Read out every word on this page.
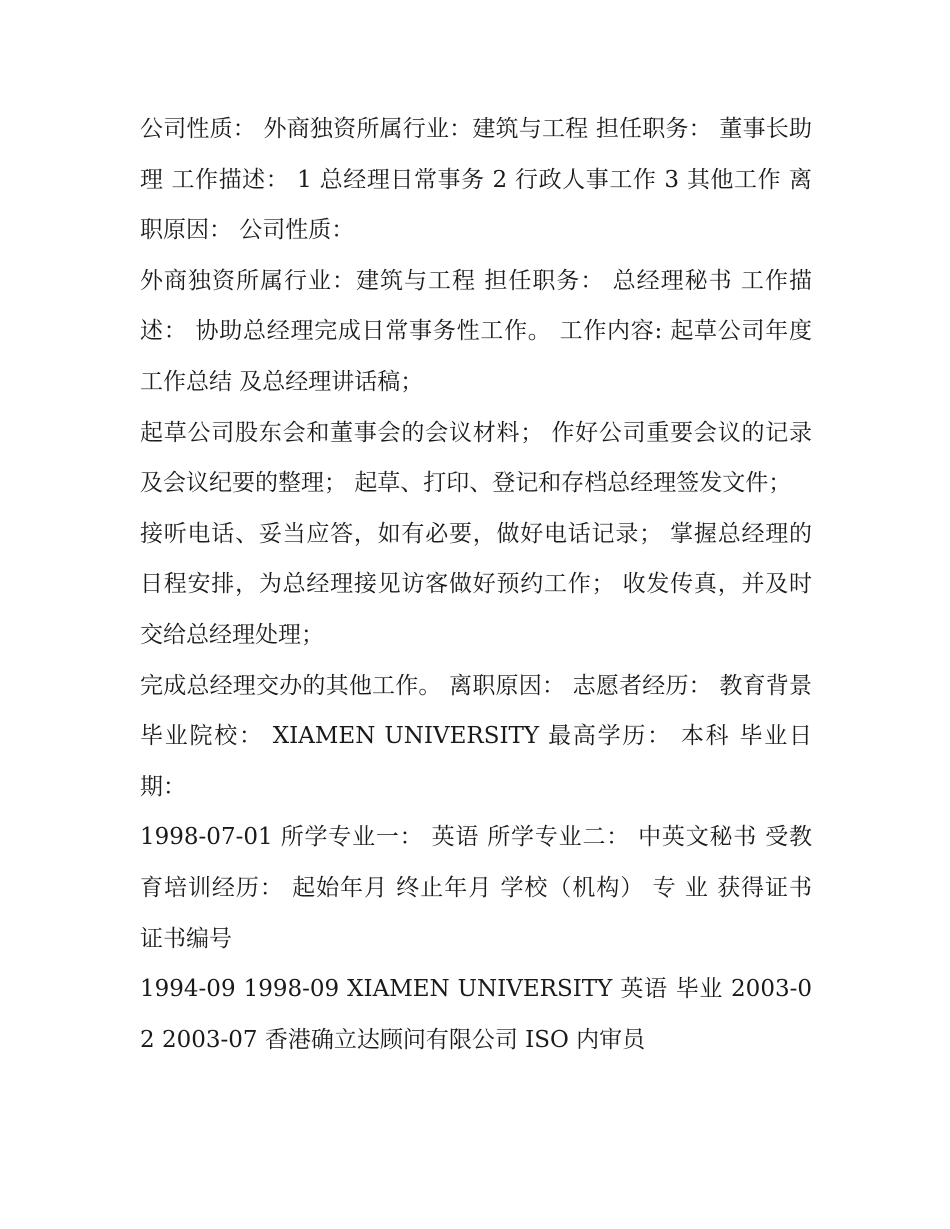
公司性质： 外商独资所属行业：建筑与工程 担任职务： 董事长助理 工作描述： 1 总经理日常事务 2 行政人事工作 3 其他工作 离职原因： 公司性质：

外商独资所属行业：建筑与工程 担任职务： 总经理秘书 工作描述： 协助总经理完成日常事务性工作。 工作内容: 起草公司年度 工作总结 及总经理讲话稿；

起草公司股东会和董事会的会议材料； 作好公司重要会议的记录及会议纪要的整理； 起草、打印、登记和存档总经理签发文件；

接听电话、妥当应答，如有必要，做好电话记录； 掌握总经理的日程安排，为总经理接见访客做好预约工作； 收发传真，并及时交给总经理处理；

完成总经理交办的其他工作。 离职原因： 志愿者经历： 教育背景 毕业院校： XIAMEN UNIVERSITY 最高学历： 本科 毕业日期：

1998-07-01 所学专业一： 英语 所学专业二： 中英文秘书 受教育培训经历： 起始年月 终止年月 学校（机构） 专 业 获得证书 证书编号

1994-09 1998-09 XIAMEN UNIVERSITY 英语 毕业 2003-02 2003-07 香港确立达顾问有限公司 ISO 内审员
